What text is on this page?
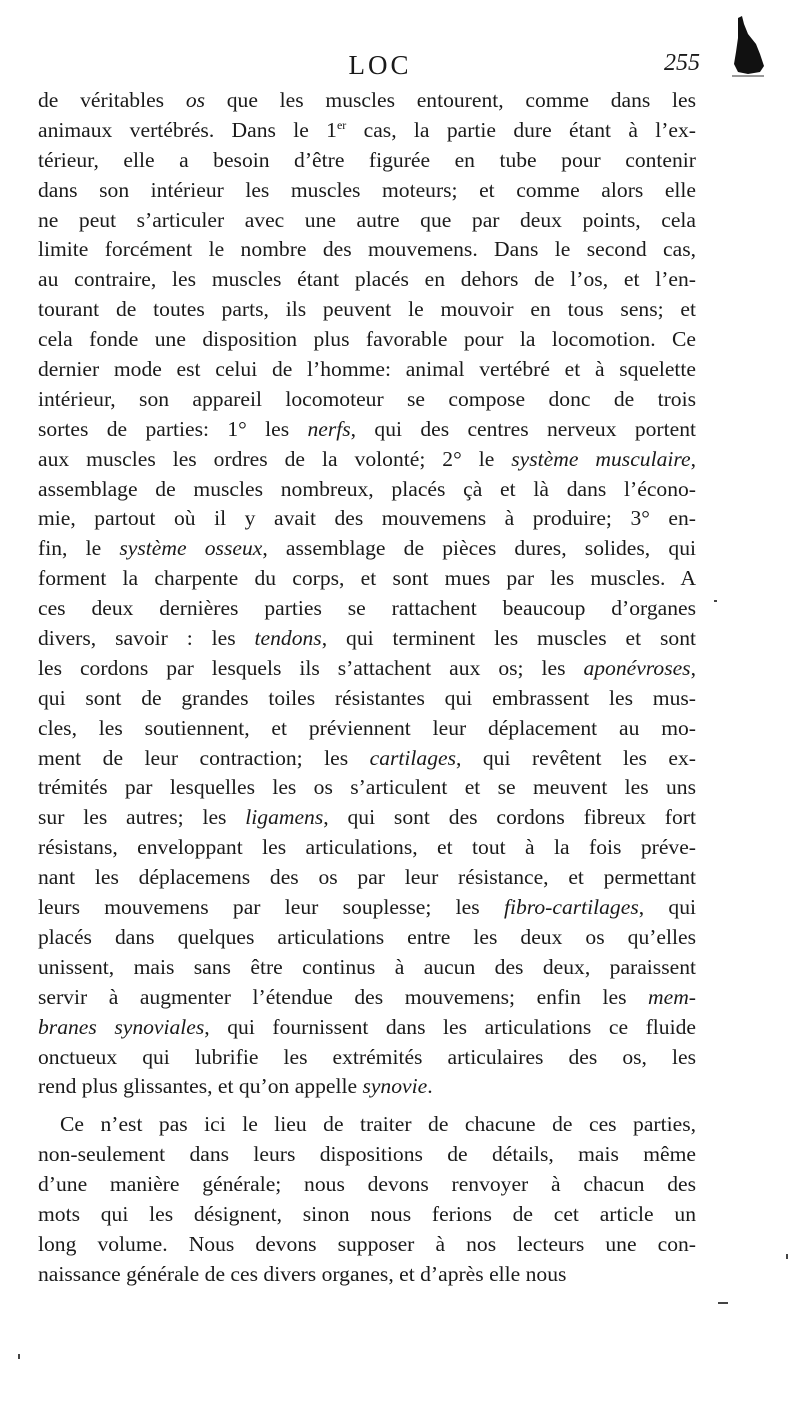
LOC	255
de véritables os que les muscles entourent, comme dans les
animaux vertébrés. Dans le 1er cas, la partie dure étant à l’ex-
térieur, elle a besoin d’être figurée en tube pour contenir
dans son intérieur les muscles moteurs; et comme alors elle
ne peut s’articuler avec une autre que par deux points, cela
limite forcément le nombre des mouvemens. Dans le second cas,
au contraire, les muscles étant placés en dehors de l’os, et l’en-
tourant de toutes parts, ils peuvent le mouvoir en tous sens; et
cela fonde une disposition plus favorable pour la locomotion. Ce
dernier mode est celui de l’homme: animal vertébré et à squelette
intérieur, son appareil locomoteur se compose donc de trois
sortes de parties: 1° les nerfs, qui des centres nerveux portent
aux muscles les ordres de la volonté; 2° le système musculaire,
assemblage de muscles nombreux, placés çà et là dans l’écono-
mie, partout où il y avait des mouvemens à produire; 3° en-
fin, le système osseux, assemblage de pièces dures, solides, qui
forment la charpente du corps, et sont mues par les muscles. A
ces deux dernières parties se rattachent beaucoup d’organes
divers, savoir : les tendons, qui terminent les muscles et sont
les cordons par lesquels ils s’attachent aux os; les aponévroses,
qui sont de grandes toiles résistantes qui embrassent les mus-
cles, les soutiennent, et préviennent leur déplacement au mo-
ment de leur contraction; les cartilages, qui revêtent les ex-
trémités par lesquelles les os s’articulent et se meuvent les uns
sur les autres; les ligamens, qui sont des cordons fibreux fort
résistans, enveloppant les articulations, et tout à la fois préve-
nant les déplacemens des os par leur résistance, et permettant
leurs mouvemens par leur souplesse; les fibro-cartilages, qui
placés dans quelques articulations entre les deux os qu’elles
unissent, mais sans être continus à aucun des deux, paraissent
servir à augmenter l’étendue des mouvemens; enfin les mem-
branes synoviales, qui fournissent dans les articulations ce fluide
onctueux qui lubrifie les extrémités articulaires des os, les
rend plus glissantes, et qu’on appelle synovie.
Ce n’est pas ici le lieu de traiter de chacune de ces parties,
non-seulement dans leurs dispositions de détails, mais même
d’une manière générale; nous devons renvoyer à chacun des
mots qui les désignent, sinon nous ferions de cet article un
long volume. Nous devons supposer à nos lecteurs une con-
naissance générale de ces divers organes, et d’après elle nous
